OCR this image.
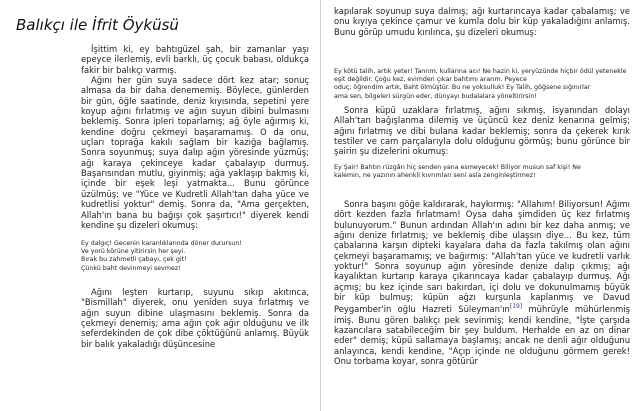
Balıkçı ile İfrit Öyküsü

İşittim ki, ey bahtıgüzel şah, bir zamanlar yaşı epeyce ilerlemiş, evli barklı, üç çocuk babası, oldukça fakir bir balıkçı varmış.

Ağını her gün suya sadece dört kez atar; sonuç almasa da bir daha denememiş. Böylece, günlerden bir gün, öğle saatinde, deniz kıyısında, sepetini yere koyup ağını fırlatmış ve ağın suyun dibini bulmasını beklemiş. Sonra ipleri toparlamış; ağ öyle ağırmış ki, kendine doğru çekmeyi başaramamış. O da onu, uçları toprağa kakılı sağlam bir kazığa bağlamış. Sonra soyunmuş; suya dalıp ağın yöresinde yüzmüş; ağı karaya çekinceye kadar çabalayıp durmuş. Başarısından mutlu, giyinmiş; ağa yaklaşıp bakmış ki, içinde bir eşek leşi yatmakta... Bunu görünce üzülmüş; ve "Yüce ve Kudretli Allah'tan daha yüce ve kudretlisi yoktur" demiş. Sonra da, "Ama gerçekten, Allah'ın bana bu bağışı çok şaşırtıcı!" diyerek kendi kendine şu dizeleri okumuş:

Ey dalgıç! Gecenin karanlıklarında döner durursun!

Ve yorü körüne yitirirsin her şeyi.

Bırak bu zahmetli çabayı, çek git!

Çünkü baht devinmeyi sevmez!

Ağını leşten kurtarıp, suyunu sıkıp akıtınca, "Bismillah" diyerek, onu yeniden suya fırlatmış ve ağın suyun dibine ulaşmasını beklemiş. Sonra da çekmeyi denemiş; ama ağın çok ağır olduğunu ve ilk seferdekinden de çok dibe çöktüğünü anlamış. Büyük bir balık yakaladığı düşüncesine

kapılarak soyunup suya dalmış; ağı kurtarıncaya kadar çabalamış; ve onu kıyıya çekince çamur ve kumla dolu bir küp yakaladığını anlamış. Bunu görüp umudu kırılınca, şu dizeleri okumuş:

Ey kötü talih, artık yeter! Tanrım, kullarına acı! Ne hazin ki, yeryüzünde hiçbir ödül yetenekle eşit değildir. Çoğu kez, evimden çıkar bahtımı ararım. Peyece

oduç; öğrendim artık, Baht ölmüştür. Bu ne yoksulluk! Ey Talih, göğsene sığınırlar

ama sen, bilgeleri sürgün eder, dünyayı budalalara yöneltirirsin!

Sonra küpü uzaklara fırlatmış, ağını sıkmış, isyanından dolayı Allah'tan bağışlanma dilemiş ve üçüncü kez deniz kenarına gelmiş; ağını fırlatmış ve dibi bulana kadar beklemiş; sonra da çekerek kırık testiler ve cam parçalarıyla dolu olduğunu görmüş; bunu görünce bir şairin şu dizelerini okumuş:

Ey Şair! Bahtın rüzgârı hiç senden yana esmeyecek! Biliyor musun saf kişi! Ne

kalemin, ne yazının ahenkli kıvrımları seni asla zenginleştirmez!

Sonra başını göğe kaldırarak, haykırmış: "Allahım! Biliyorsun! Ağımı dört kezden fazla fırlatmam! Oysa daha şimdiden üç kez fırlatmış bulunuyorum." Bunun ardından Allah'ın adını bir kez daha anmış; ve ağını denize fırlatmış; ve beklemiş dibe ulaşsın diye... Bu kez, tüm çabalarına karşın dipteki kayalara daha da fazla takılmış olan ağını çekmeyi başaramamış; ve bağırmış: "Allah'tan yüce ve kudretli varlık yoktur!" Sonra soyunup ağın yöresinde denize dalıp çıkmış; ağı kayalıktan kurtarıp karaya çıkarıncaya kadar çabalayıp durmuş. Ağı açmış; bu kez içinde sarı bakırdan, içi dolu ve dokunulmamış büyük bir küp bulmuş; küpün ağzı kurşunla kaplanmış ve Davud Peygamber'in oğlu Hazreti Süleyman'ın[19] mührüyle mühürlenmiş imiş. Bunu gören balıkçı pek sevinmiş; kendi kendine, "İşte çarşıda kazancılara satabileceğim bir şey buldum. Herhalde en az on dinar eder" demiş; küpü sallamaya başlamış; ancak ne denli ağır olduğunu anlayınca, kendi kendine, "Açıp içinde ne olduğunu görmem gerek! Onu torbama koyar, sonra götürür
